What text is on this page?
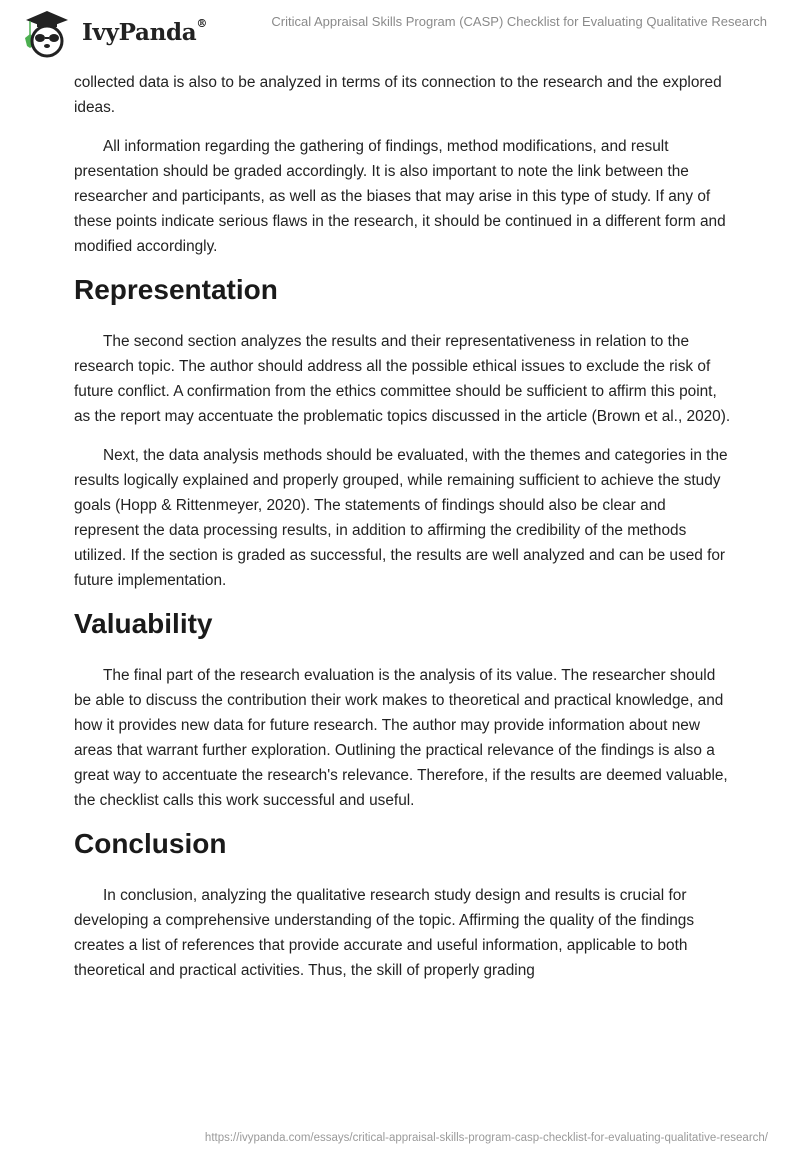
IvyPanda®	Critical Appraisal Skills Program (CASP) Checklist for Evaluating Qualitative Research

collected data is also to be analyzed in terms of its connection to the research and the explored ideas.

All information regarding the gathering of findings, method modifications, and result presentation should be graded accordingly. It is also important to note the link between the researcher and participants, as well as the biases that may arise in this type of study. If any of these points indicate serious flaws in the research, it should be continued in a different form and modified accordingly.

Representation

The second section analyzes the results and their representativeness in relation to the research topic. The author should address all the possible ethical issues to exclude the risk of future conflict. A confirmation from the ethics committee should be sufficient to affirm this point, as the report may accentuate the problematic topics discussed in the article (Brown et al., 2020).

Next, the data analysis methods should be evaluated, with the themes and categories in the results logically explained and properly grouped, while remaining sufficient to achieve the study goals (Hopp & Rittenmeyer, 2020). The statements of findings should also be clear and represent the data processing results, in addition to affirming the credibility of the methods utilized. If the section is graded as successful, the results are well analyzed and can be used for future implementation.

Valuability

The final part of the research evaluation is the analysis of its value. The researcher should be able to discuss the contribution their work makes to theoretical and practical knowledge, and how it provides new data for future research. The author may provide information about new areas that warrant further exploration. Outlining the practical relevance of the findings is also a great way to accentuate the research's relevance. Therefore, if the results are deemed valuable, the checklist calls this work successful and useful.

Conclusion

In conclusion, analyzing the qualitative research study design and results is crucial for developing a comprehensive understanding of the topic. Affirming the quality of the findings creates a list of references that provide accurate and useful information, applicable to both theoretical and practical activities. Thus, the skill of properly grading

https://ivypanda.com/essays/critical-appraisal-skills-program-casp-checklist-for-evaluating-qualitative-research/
